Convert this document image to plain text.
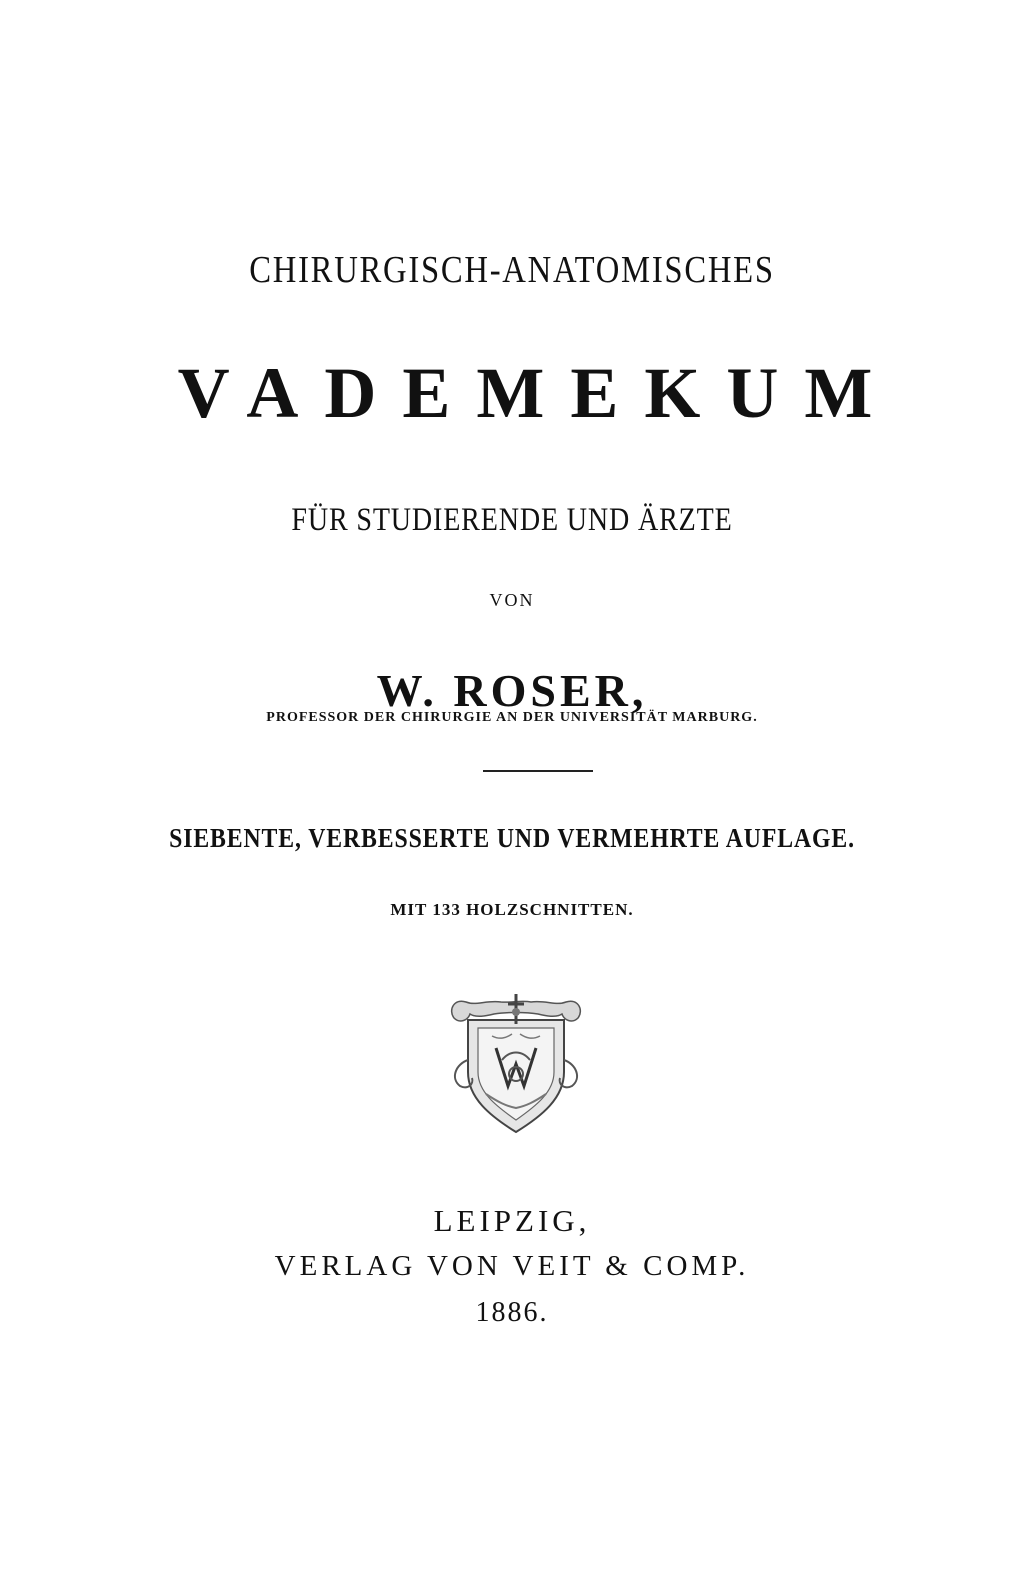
CHIRURGISCH-ANATOMISCHES
VADEMEKUM
FÜR STUDIERENDE UND ÄRZTE
VON
W. ROSER,
PROFESSOR DER CHIRURGIE AN DER UNIVERSITÄT MARBURG.
SIEBENTE, VERBESSERTE UND VERMEHRTE AUFLAGE.
MIT 133 HOLZSCHNITTEN.
LEIPZIG,
VERLAG VON VEIT & COMP.
1886.
